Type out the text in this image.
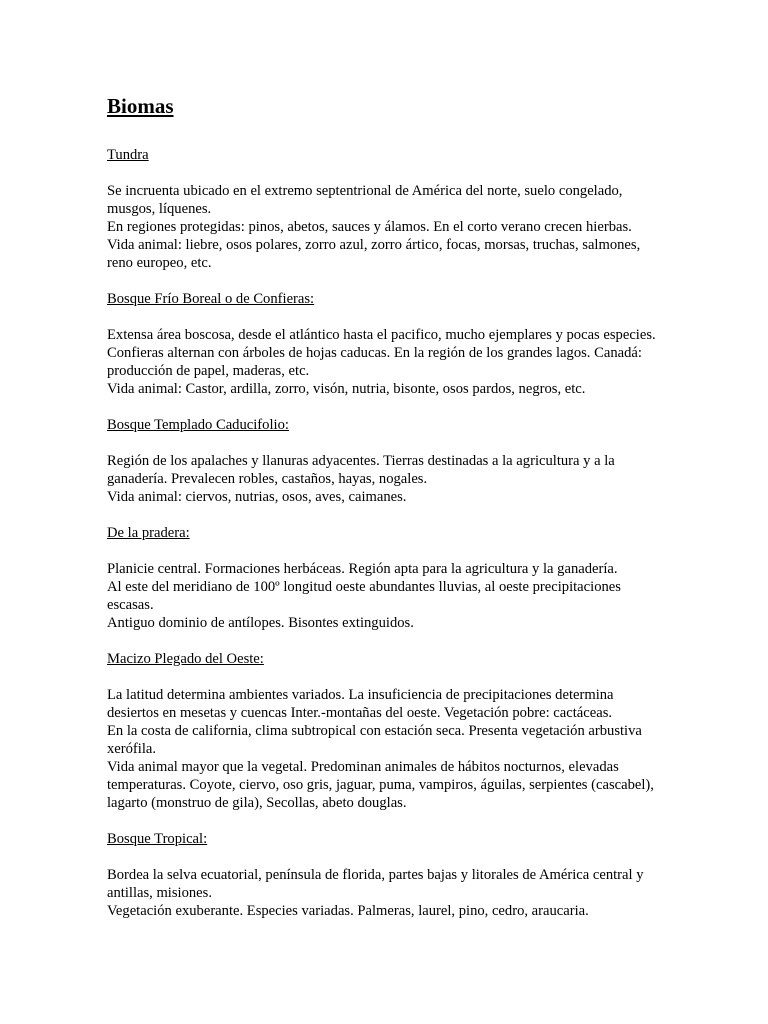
Biomas
Tundra

Se incruenta ubicado en el extremo septentrional de América del norte, suelo congelado, musgos, líquenes.

En regiones protegidas: pinos, abetos, sauces y álamos. En el corto verano crecen hierbas.

Vida animal: liebre, osos polares, zorro azul, zorro ártico, focas, morsas, truchas, salmones, reno europeo, etc.

Bosque Frío Boreal o de Confieras:

Extensa área boscosa, desde el atlántico hasta el pacifico, mucho ejemplares y pocas especies. Confieras alternan con árboles de hojas caducas. En la región de los grandes lagos. Canadá: producción de papel, maderas, etc.

Vida animal: Castor, ardilla, zorro, visón, nutria, bisonte, osos pardos, negros, etc.

Bosque Templado Caducifolio:

Región de los apalaches y llanuras adyacentes. Tierras destinadas a la agricultura y a la ganadería. Prevalecen robles, castaños, hayas, nogales.

Vida animal: ciervos, nutrias, osos, aves, caimanes.

De la pradera:

Planicie central. Formaciones herbáceas. Región apta para la agricultura y la ganadería.

Al este del meridiano de 100º longitud oeste abundantes lluvias, al oeste precipitaciones escasas.

Antiguo dominio de antílopes. Bisontes extinguidos.

Macizo Plegado del Oeste:

La latitud determina ambientes variados. La insuficiencia de precipitaciones determina desiertos en mesetas y cuencas Inter.-montañas del oeste. Vegetación pobre: cactáceas.

En la costa de california, clima subtropical con estación seca. Presenta vegetación arbustiva xerófila.

Vida animal mayor que la vegetal. Predominan animales de hábitos nocturnos, elevadas temperaturas. Coyote, ciervo, oso gris, jaguar, puma, vampiros, águilas, serpientes (cascabel), lagarto (monstruo de gila), Secollas, abeto douglas.

Bosque Tropical:

Bordea la selva ecuatorial, península de florida, partes bajas y litorales de América central y antillas, misiones.

Vegetación exuberante. Especies variadas. Palmeras, laurel, pino, cedro, araucaria.
